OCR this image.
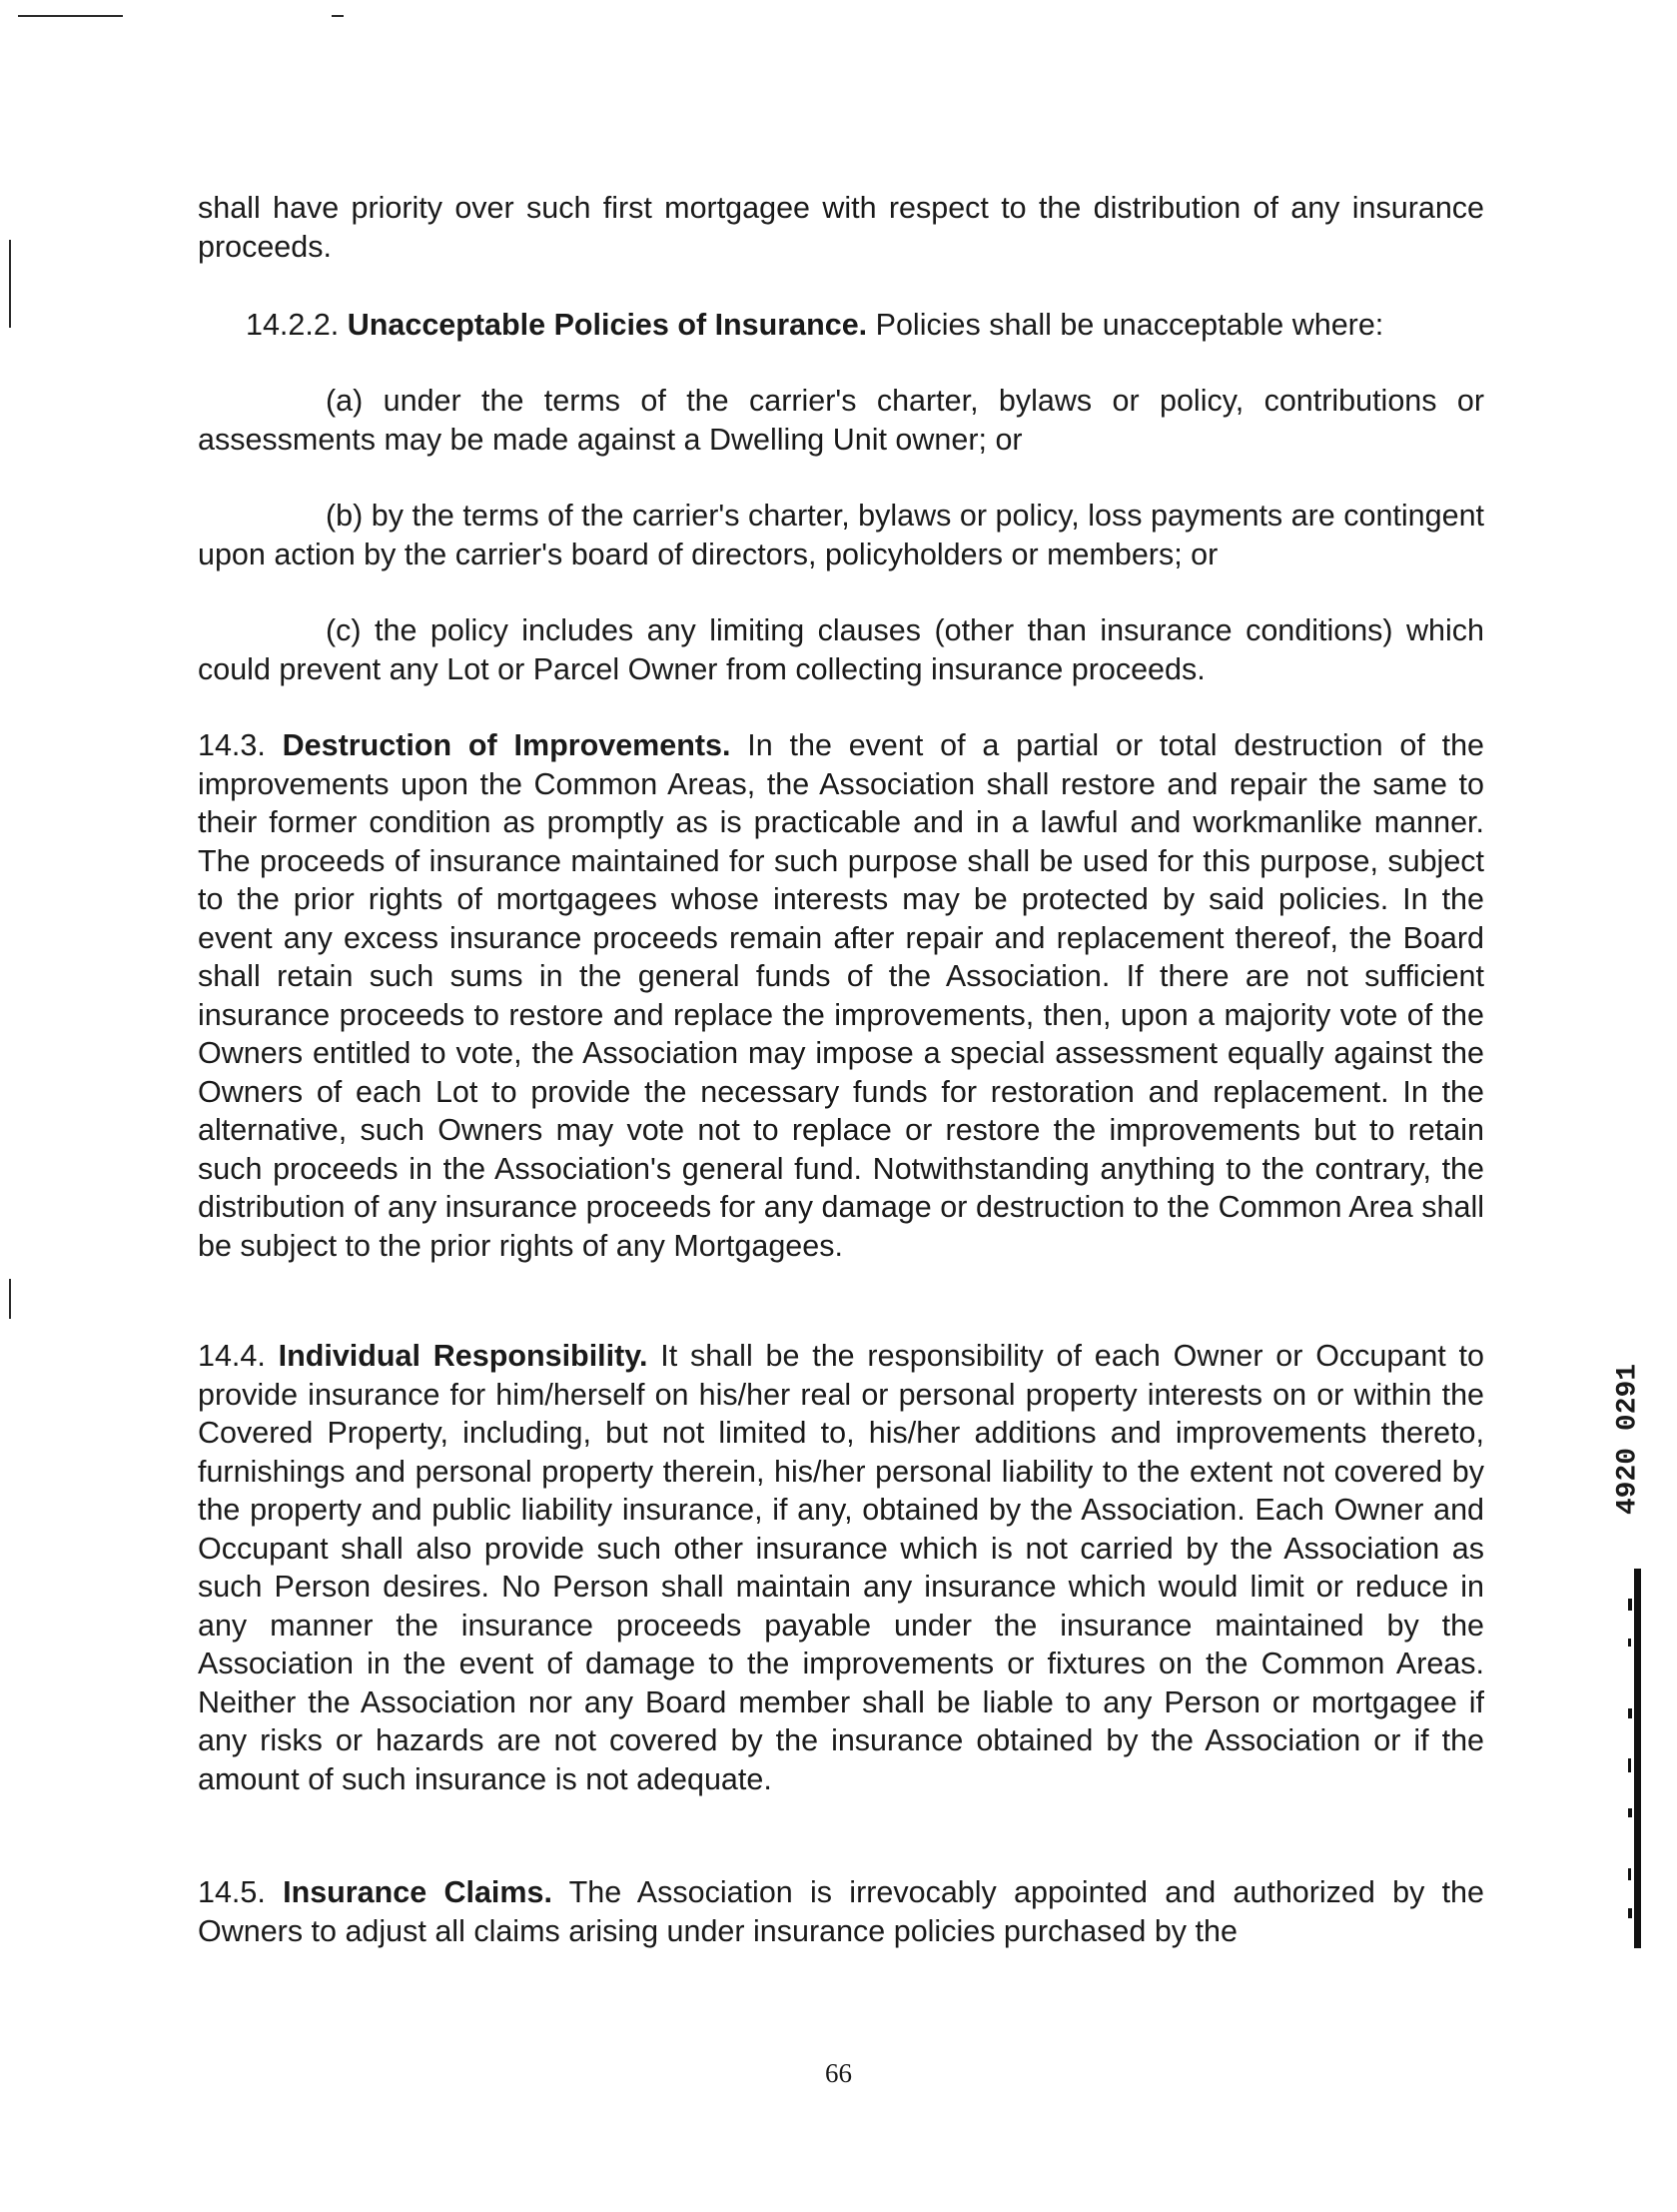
shall have priority over such first mortgagee with respect to the distribution of any insurance proceeds.
14.2.2. Unacceptable Policies of Insurance. Policies shall be unacceptable where:
(a) under the terms of the carrier's charter, bylaws or policy, contributions or assessments may be made against a Dwelling Unit owner; or
(b) by the terms of the carrier's charter, bylaws or policy, loss payments are contingent upon action by the carrier's board of directors, policyholders or members; or
(c) the policy includes any limiting clauses (other than insurance conditions) which could prevent any Lot or Parcel Owner from collecting insurance proceeds.
14.3. Destruction of Improvements. In the event of a partial or total destruction of the improvements upon the Common Areas, the Association shall restore and repair the same to their former condition as promptly as is practicable and in a lawful and workmanlike manner. The proceeds of insurance maintained for such purpose shall be used for this purpose, subject to the prior rights of mortgagees whose interests may be protected by said policies. In the event any excess insurance proceeds remain after repair and replacement thereof, the Board shall retain such sums in the general funds of the Association. If there are not sufficient insurance proceeds to restore and replace the improvements, then, upon a majority vote of the Owners entitled to vote, the Association may impose a special assessment equally against the Owners of each Lot to provide the necessary funds for restoration and replacement. In the alternative, such Owners may vote not to replace or restore the improvements but to retain such proceeds in the Association's general fund. Notwithstanding anything to the contrary, the distribution of any insurance proceeds for any damage or destruction to the Common Area shall be subject to the prior rights of any Mortgagees.
14.4. Individual Responsibility. It shall be the responsibility of each Owner or Occupant to provide insurance for him/herself on his/her real or personal property interests on or within the Covered Property, including, but not limited to, his/her additions and improvements thereto, furnishings and personal property therein, his/her personal liability to the extent not covered by the property and public liability insurance, if any, obtained by the Association. Each Owner and Occupant shall also provide such other insurance which is not carried by the Association as such Person desires. No Person shall maintain any insurance which would limit or reduce in any manner the insurance proceeds payable under the insurance maintained by the Association in the event of damage to the improvements or fixtures on the Common Areas. Neither the Association nor any Board member shall be liable to any Person or mortgagee if any risks or hazards are not covered by the insurance obtained by the Association or if the amount of such insurance is not adequate.
14.5. Insurance Claims. The Association is irrevocably appointed and authorized by the Owners to adjust all claims arising under insurance policies purchased by the
4920 0291
66
